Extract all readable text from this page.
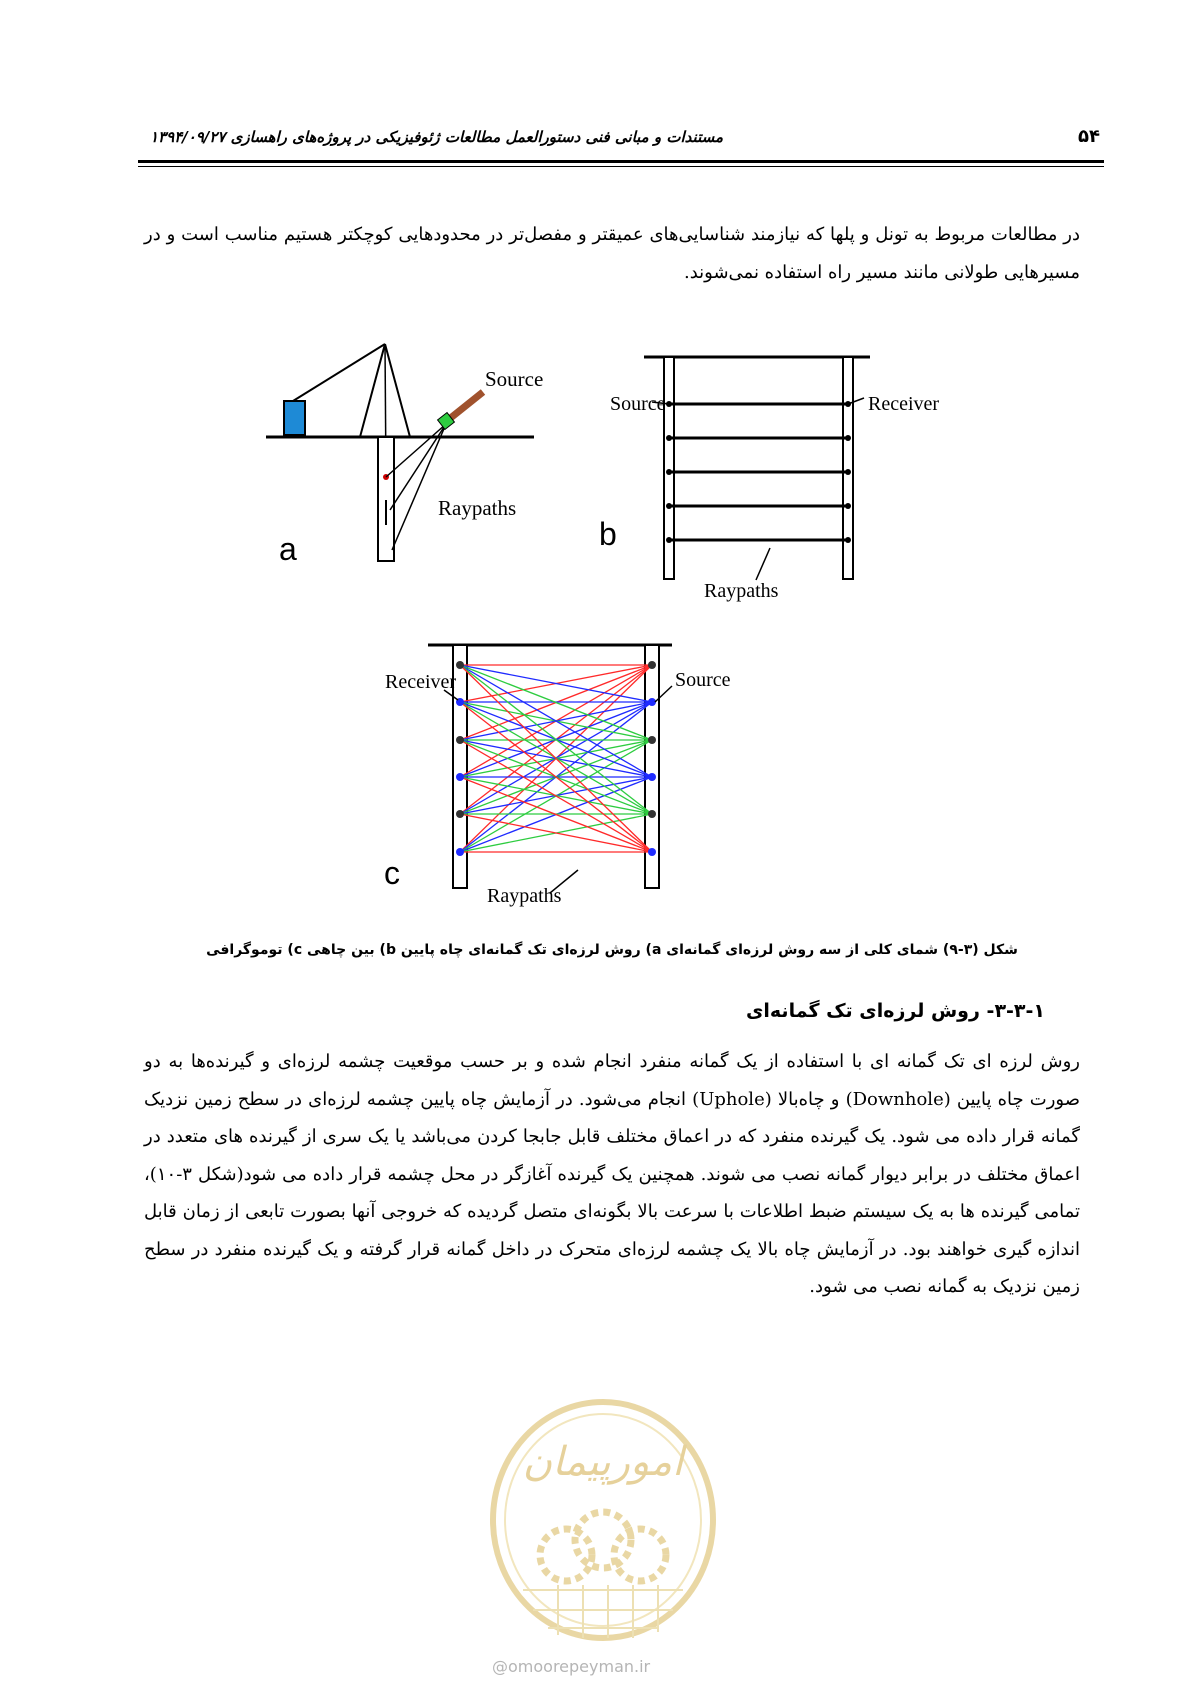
۵۴
مستندات و مبانی فنی دستورالعمل مطالعات ژئوفیزیکی در پروژه‌های راهسازی ۱۳۹۴/۰۹/۲۷
در مطالعات مربوط به تونل و پلها که نیازمند شناسایی‌های عمیقتر و مفصل‌تر در محدودهایی کوچکتر هستیم مناسب است و در مسیرهایی طولانی مانند مسیر راه استفاده نمی‌شوند.
Source
Raypaths
a
Source	Receiver
Raypaths
b
Receiver	Source
Raypaths
c
شکل (۳-۹) شمای کلی از سه روش لرزه‌ای گمانه‌ای a) روش لرزه‌ای تک گمانه‌ای چاه پایین b) بین چاهی c) توموگرافی
۳-۳-۱- روش لرزه‌ای تک گمانه‌ای
روش لرزه ای تک گمانه ای با استفاده از یک گمانه منفرد انجام شده و بر حسب موقعیت چشمه لرزه‌ای و گیرنده‌ها به دو صورت چاه پایین (Downhole) و چاه‌بالا (Uphole) انجام می‌شود. در آزمایش چاه پایین چشمه لرزه‌ای در سطح زمین نزدیک گمانه قرار داده می شود. یک گیرنده منفرد که در اعماق مختلف قابل جابجا کردن می‌باشد یا یک سری از گیرنده های متعدد در اعماق مختلف در برابر دیوار گمانه نصب می شوند. همچنین یک گیرنده آغازگر در محل چشمه قرار داده می شود(شکل ۳-۱۰)، تمامی گیرنده ها به یک سیستم ضبط اطلاعات با سرعت بالا بگونه‌ای متصل گردیده که خروجی آنها بصورت تابعی از زمان قابل اندازه گیری خواهند بود. در آزمایش چاه بالا یک چشمه لرزه‌ای متحرک در داخل گمانه قرار گرفته و یک گیرنده منفرد در سطح زمین نزدیک به گمانه نصب می شود.
امورپیمان
@omoorepeyman.ir
